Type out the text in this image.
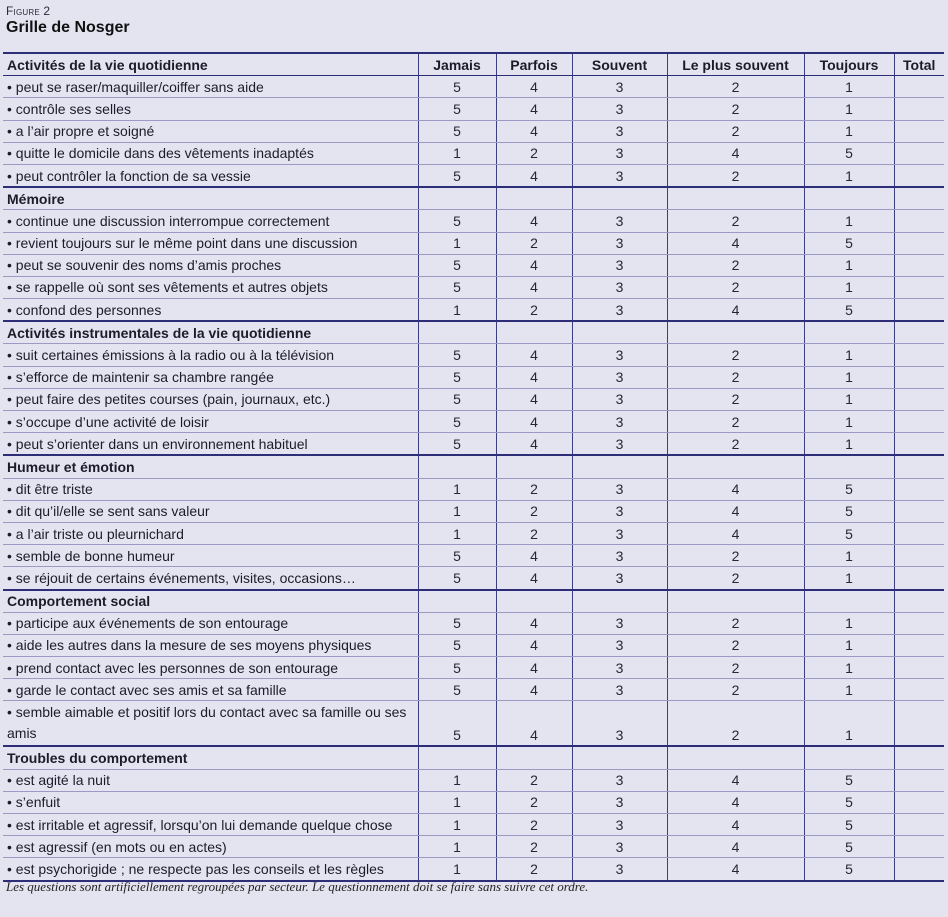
Figure 2
Grille de Nosger
Activités de la vie quotidienne	Jamais	Parfois	Souvent	Le plus souvent	Toujours	Total
• peut se raser/maquiller/coiffer sans aide	5	4	3	2	1	
• contrôle ses selles	5	4	3	2	1	
• a l’air propre et soigné	5	4	3	2	1	
• quitte le domicile dans des vêtements inadaptés	1	2	3	4	5	
• peut contrôler la fonction de sa vessie	5	4	3	2	1	
Mémoire						
• continue une discussion interrompue correctement	5	4	3	2	1	
• revient toujours sur le même point dans une discussion	1	2	3	4	5	
• peut se souvenir des noms d’amis proches	5	4	3	2	1	
• se rappelle où sont ses vêtements et autres objets	5	4	3	2	1	
• confond des personnes	1	2	3	4	5	
Activités instrumentales de la vie quotidienne						
• suit certaines émissions à la radio ou à la télévision	5	4	3	2	1	
• s’efforce de maintenir sa chambre rangée	5	4	3	2	1	
• peut faire des petites courses (pain, journaux, etc.)	5	4	3	2	1	
• s’occupe d’une activité de loisir	5	4	3	2	1	
• peut s’orienter dans un environnement habituel	5	4	3	2	1	
Humeur et émotion						
• dit être triste	1	2	3	4	5	
• dit qu’il/elle se sent sans valeur	1	2	3	4	5	
• a l’air triste ou pleurnichard	1	2	3	4	5	
• semble de bonne humeur	5	4	3	2	1	
• se réjouit de certains événements, visites, occasions…	5	4	3	2	1	
Comportement social						
• participe aux événements de son entourage	5	4	3	2	1	
• aide les autres dans la mesure de ses moyens physiques	5	4	3	2	1	
• prend contact avec les personnes de son entourage	5	4	3	2	1	
• garde le contact avec ses amis et sa famille	5	4	3	2	1	
• semble aimable et positif lors du contact avec sa famille ou ses amis	5	4	3	2	1	
Troubles du comportement						
• est agité la nuit	1	2	3	4	5	
• s’enfuit	1	2	3	4	5	
• est irritable et agressif, lorsqu’on lui demande quelque chose	1	2	3	4	5	
• est agressif (en mots ou en actes)	1	2	3	4	5	
• est psychorigide ; ne respecte pas les conseils et les règles	1	2	3	4	5	
Les questions sont artificiellement regroupées par secteur. Le questionnement doit se faire sans suivre cet ordre.
